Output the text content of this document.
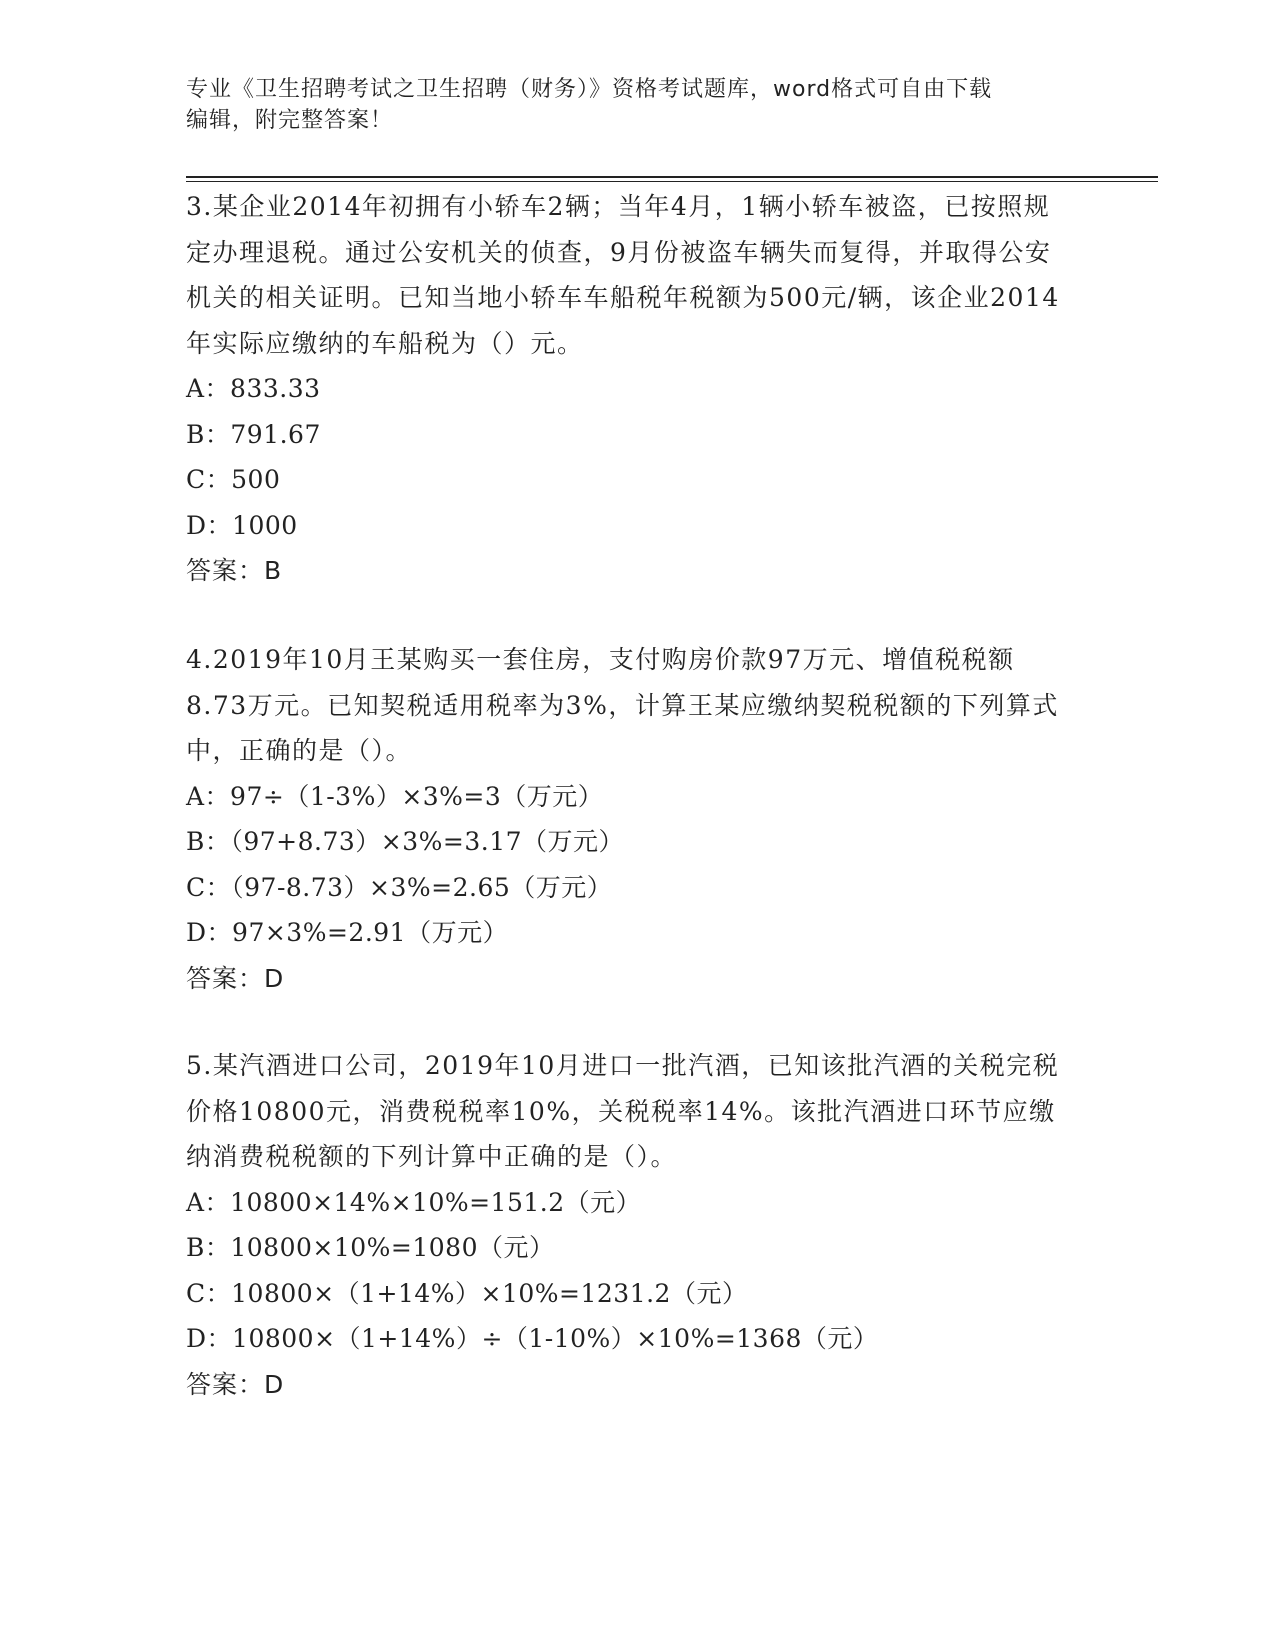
专业《卫生招聘考试之卫生招聘（财务）》资格考试题库，word格式可自由下载
编辑，附完整答案！

3.某企业2014年初拥有小轿车2辆；当年4月，1辆小轿车被盗，已按照规定办理退税。通过公安机关的侦查，9月份被盗车辆失而复得，并取得公安机关的相关证明。已知当地小轿车车船税年税额为500元/辆，该企业2014年实际应缴纳的车船税为（）元。

A：833.33

B：791.67

C：500

D：1000

答案：B

4.2019年10月王某购买一套住房，支付购房价款97万元、增值税税额8.73万元。已知契税适用税率为3%，计算王某应缴纳契税税额的下列算式中，正确的是（）。

A：97÷（1-3%）×3%=3（万元）

B：（97+8.73）×3%=3.17（万元）

C：（97-8.73）×3%=2.65（万元）

D：97×3%=2.91（万元）

答案：D

5.某汽酒进口公司，2019年10月进口一批汽酒，已知该批汽酒的关税完税价格10800元，消费税税率10%，关税税率14%。该批汽酒进口环节应缴纳消费税税额的下列计算中正确的是（）。

A：10800×14%×10%=151.2（元）

B：10800×10%=1080（元）

C：10800×（1+14%）×10%=1231.2（元）

D：10800×（1+14%）÷（1-10%）×10%=1368（元）

答案：D
